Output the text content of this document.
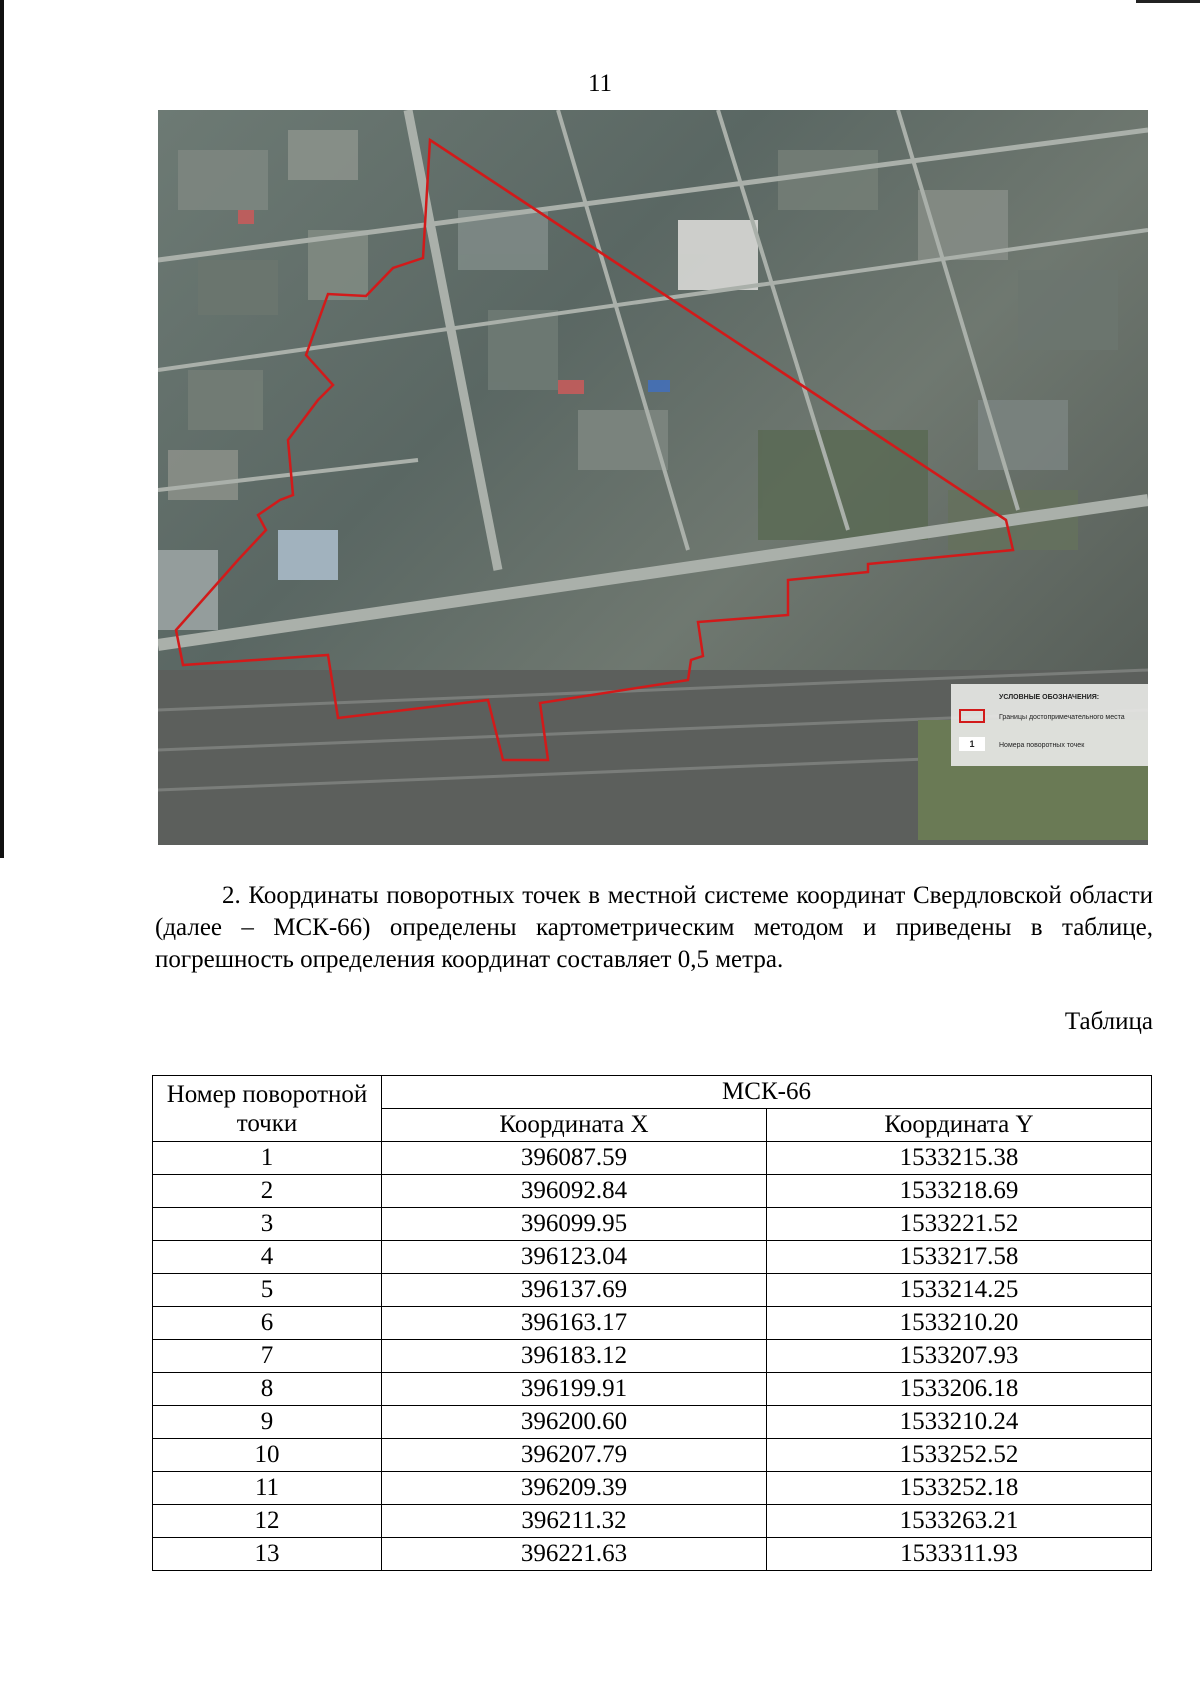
11
УСЛОВНЫЕ ОБОЗНАЧЕНИЯ:
Границы достопримечательного места
1	Номера поворотных точек

2. Координаты поворотных точек в местной системе координат Свердловской области (далее – МСК-66) определены картометрическим методом и приведены в таблице, погрешность определения координат составляет 0,5 метра.

Таблица
Номер поворотной точки	МСК-66	
	Координата X	Координата Y
1	396087.59	1533215.38
2	396092.84	1533218.69
3	396099.95	1533221.52
4	396123.04	1533217.58
5	396137.69	1533214.25
6	396163.17	1533210.20
7	396183.12	1533207.93
8	396199.91	1533206.18
9	396200.60	1533210.24
10	396207.79	1533252.52
11	396209.39	1533252.18
12	396211.32	1533263.21
13	396221.63	1533311.93
